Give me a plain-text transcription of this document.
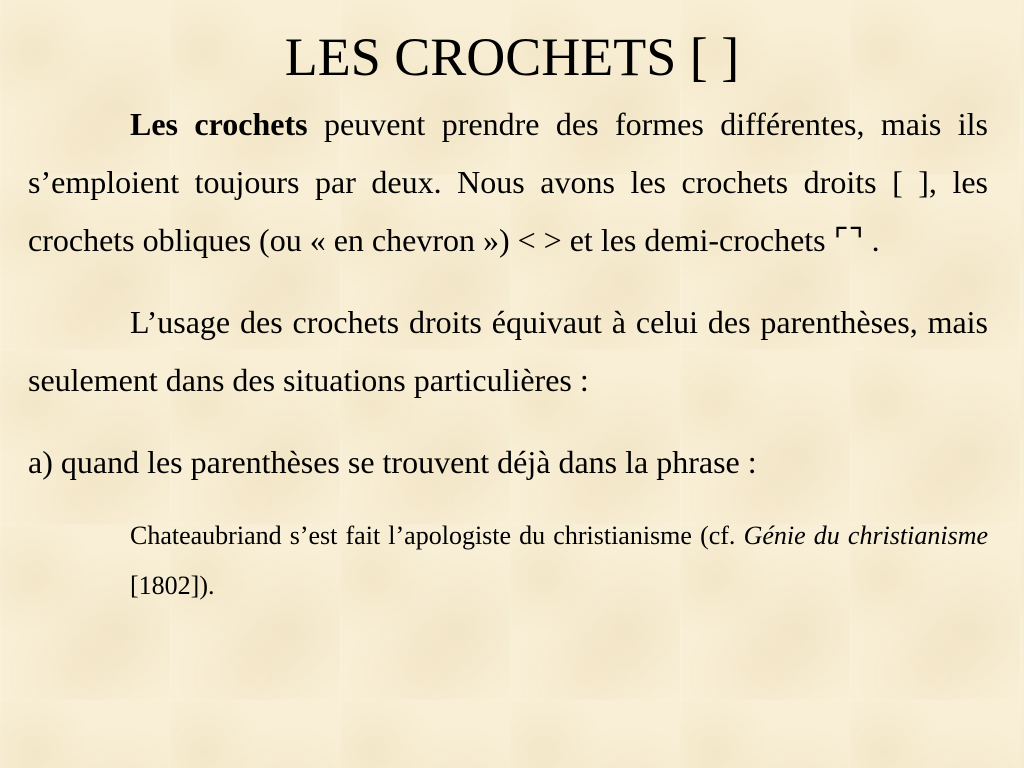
LES CROCHETS [ ]

Les crochets peuvent prendre des formes différentes, mais ils s’emploient toujours par deux. Nous avons les crochets droits [ ], les crochets obliques (ou « en chevron ») < > et les demi-crochets ⌜⌝ .

L’usage des crochets droits équivaut à celui des parenthèses, mais seulement dans des situations particulières :

a) quand les parenthèses se trouvent déjà dans la phrase :

Chateaubriand s’est fait l’apologiste du christianisme (cf. Génie du christianisme [1802]).
